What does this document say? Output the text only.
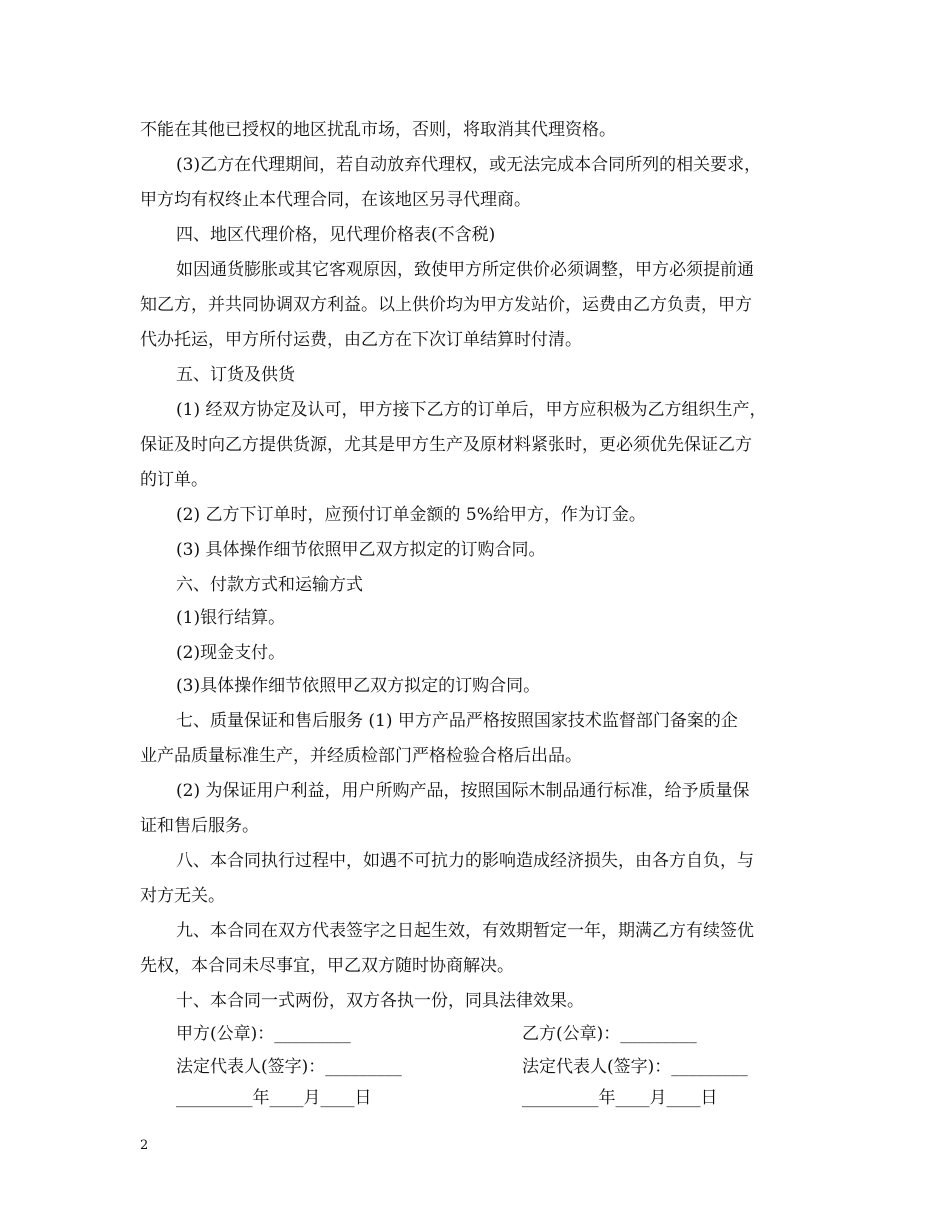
不能在其他已授权的地区扰乱市场，否则，将取消其代理资格。
(3)乙方在代理期间，若自动放弃代理权，或无法完成本合同所列的相关要求，
甲方均有权终止本代理合同，在该地区另寻代理商。
四、地区代理价格，见代理价格表(不含税)
如因通货膨胀或其它客观原因，致使甲方所定供价必须调整，甲方必须提前通
知乙方，并共同协调双方利益。以上供价均为甲方发站价，运费由乙方负责，甲方
代办托运，甲方所付运费，由乙方在下次订单结算时付清。
五、订货及供货
(1) 经双方协定及认可，甲方接下乙方的订单后，甲方应积极为乙方组织生产，
保证及时向乙方提供货源，尤其是甲方生产及原材料紧张时，更必须优先保证乙方
的订单。
(2) 乙方下订单时，应预付订单金额的 5%给甲方，作为订金。
(3) 具体操作细节依照甲乙双方拟定的订购合同。
六、付款方式和运输方式
(1)银行结算。
(2)现金支付。
(3)具体操作细节依照甲乙双方拟定的订购合同。
七、质量保证和售后服务 (1) 甲方产品严格按照国家技术监督部门备案的企
业产品质量标准生产，并经质检部门严格检验合格后出品。
(2) 为保证用户利益，用户所购产品，按照国际木制品通行标准，给予质量保
证和售后服务。
八、本合同执行过程中，如遇不可抗力的影响造成经济损失，由各方自负，与
对方无关。
九、本合同在双方代表签字之日起生效，有效期暂定一年，期满乙方有续签优
先权，本合同未尽事宜，甲乙双方随时协商解决。
十、本合同一式两份，双方各执一份，同具法律效果。
甲方(公章)：_________	乙方(公章)：_________
法定代表人(签字)：_________	法定代表人(签字)：_________
_________年____月____日	_________年____月____日
2
